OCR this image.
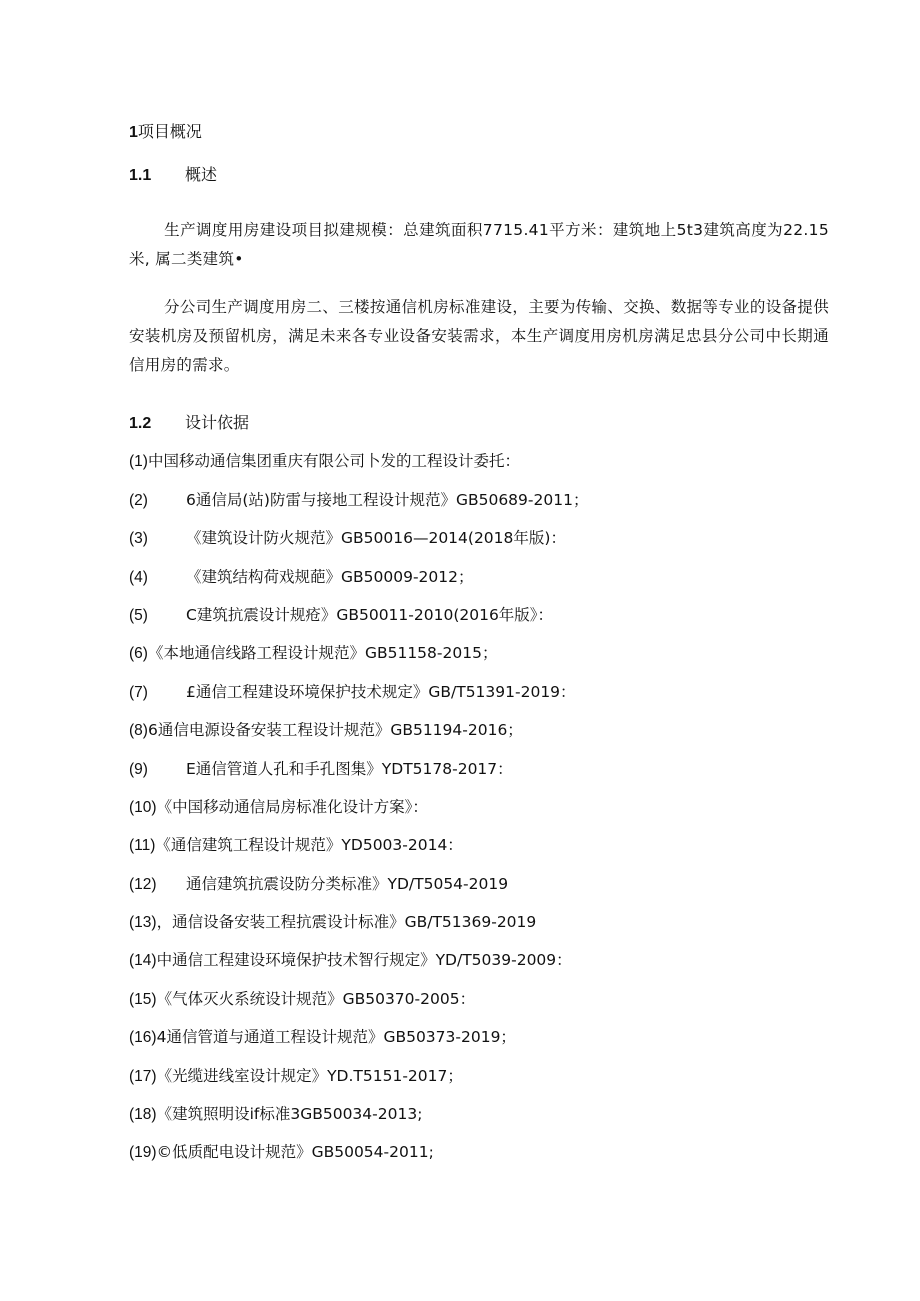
1项目概况
1.1 概述
生产调度用房建设项目拟建规模：总建筑面积7715.41平方米：建筑地上5t3建筑高度为22.15米, 属二类建筑•
分公司生产调度用房二、三楼按通信机房标准建设，主要为传输、交换、数据等专业的设备提供安装机房及预留机房，满足未来各专业设备安装需求，本生产调度用房机房满足忠县分公司中长期通信用房的需求。
1.2 设计依据
(1)中国移动通信集团重庆有限公司卜发的工程设计委托：
(2) 6通信局(站)防雷与接地工程设计规范》GB50689-2011；
(3) 《建筑设计防火规范》GB50016—2014(2018年版)：
(4) 《建筑结构荷戏规葩》GB50009-2012；
(5) C建筑抗震设计规疮》GB50011-2010(2016年版》：
(6)《本地通信线路工程设计规范》GB51158-2015；
(7) £通信工程建设环境保护技术规定》GB/T51391-2019：
(8)6通信电源设备安装工程设计规范》GB51194-2016；
(9) E通信管道人孔和手孔图集》YDT5178-2017：
(10)《中国移动通信局房标准化设计方案》：
(11)《通信建筑工程设计规范》YD5003-2014：
(12) 通信建筑抗震设防分类标准》YD/T5054-2019
(13)，通信设备安装工程抗震设计标准》GB/T51369-2019
(14)中通信工程建设环境保护技术智行规定》YD/T5039-2009：
(15)《气体灭火系统设计规范》GB50370-2005：
(16)4通信管道与通道工程设计规范》GB50373-2019；
(17)《光缆进线室设计规定》YD.T5151-2017；
(18)《建筑照明设if标准3GB50034-2013;
(19)©低质配电设计规范》GB50054-2011;
